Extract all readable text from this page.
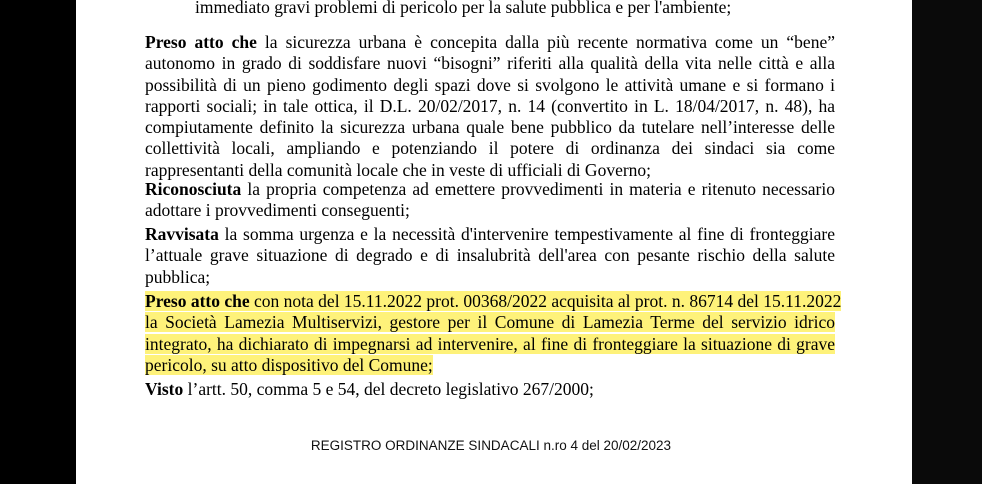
immediato gravi problemi di pericolo per la salute pubblica e per l'ambiente;
Preso atto che la sicurezza urbana è concepita dalla più recente normativa come un “bene”
autonomo in grado di soddisfare nuovi “bisogni” riferiti alla qualità della vita nelle città e alla
possibilità di un pieno godimento degli spazi dove si svolgono le attività umane e si formano i
rapporti sociali; in tale ottica, il D.L. 20/02/2017, n. 14 (convertito in L. 18/04/2017, n. 48), ha
compiutamente definito la sicurezza urbana quale bene pubblico da tutelare nell’interesse delle
collettività locali, ampliando e potenziando il potere di ordinanza dei sindaci sia come
rappresentanti della comunità locale che in veste di ufficiali di Governo;
Riconosciuta la propria competenza ad emettere provvedimenti in materia e ritenuto necessario
adottare i provvedimenti conseguenti;
Ravvisata la somma urgenza e la necessità d'intervenire tempestivamente al fine di fronteggiare
l’attuale grave situazione di degrado e di insalubrità dell'area con pesante rischio della salute
pubblica;
Preso atto che con nota del 15.11.2022 prot. 00368/2022 acquisita al prot. n. 86714 del 15.11.2022
la Società Lamezia Multiservizi, gestore per il Comune di Lamezia Terme del servizio idrico
integrato, ha dichiarato di impegnarsi ad intervenire, al fine di fronteggiare la situazione di grave
pericolo, su atto dispositivo del Comune;
Visto l’artt. 50, comma 5 e 54, del decreto legislativo 267/2000;
REGISTRO ORDINANZE SINDACALI n.ro 4 del 20/02/2023
